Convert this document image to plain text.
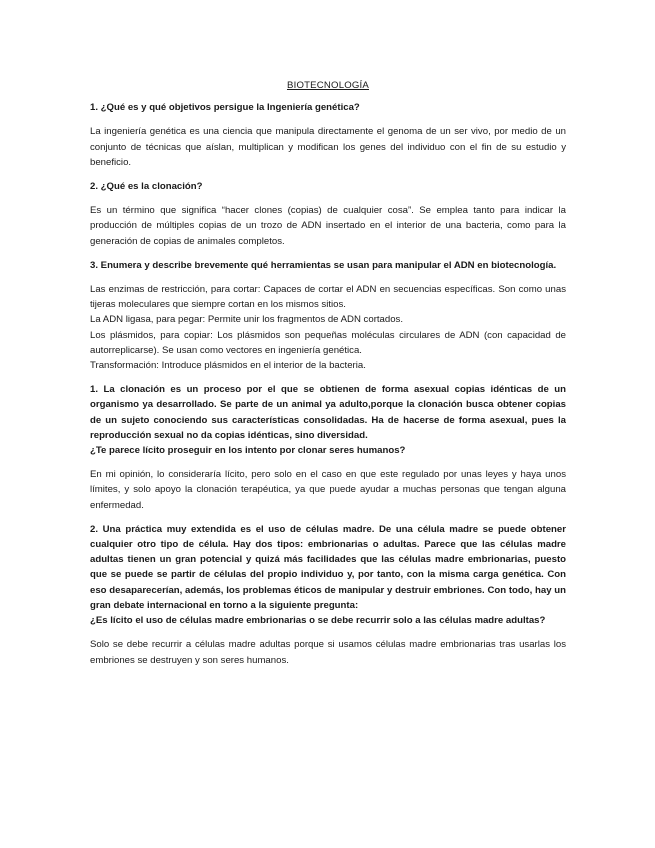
BIOTECNOLOGÍA
1. ¿Qué es y qué objetivos persigue la Ingeniería genética?
La ingeniería genética es una ciencia que manipula directamente el genoma de un ser vivo, por medio de un conjunto de técnicas que aíslan, multiplican y modifican los genes del individuo con el fin de su estudio y beneficio.
2. ¿Qué es la clonación?
Es un término que significa “hacer clones (copias) de cualquier cosa”. Se emplea tanto para indicar la producción de múltiples copias de un trozo de ADN insertado en el interior de una bacteria, como para la generación de copias de animales completos.
3. Enumera y describe brevemente qué herramientas se usan para manipular el ADN en biotecnología.
Las enzimas de restricción, para cortar: Capaces de cortar el ADN en secuencias específicas. Son como unas tijeras moleculares que siempre cortan en los mismos sitios.
La ADN ligasa, para pegar: Permite unir los fragmentos de ADN cortados.
Los plásmidos, para copiar: Los plásmidos son pequeñas moléculas circulares de ADN (con capacidad de autorreplicarse). Se usan como vectores en ingeniería genética.
Transformación: Introduce plásmidos en el interior de la bacteria.
1. La clonación es un proceso por el que se obtienen de forma asexual copias idénticas de un organismo ya desarrollado. Se parte de un animal ya adulto,porque la clonación busca obtener copias de un sujeto conociendo sus características consolidadas. Ha de hacerse de forma asexual, pues la reproducción sexual no da copias idénticas, sino diversidad.
¿Te parece lícito proseguir en los intento por clonar seres humanos?
En mi opinión, lo consideraría lícito, pero solo en el caso en que este regulado por unas leyes y haya unos límites, y solo apoyo la clonación terapéutica, ya que puede ayudar a muchas personas que tengan alguna enfermedad.
2. Una práctica muy extendida es el uso de células madre. De una célula madre se puede obtener cualquier otro tipo de célula. Hay dos tipos: embrionarias o adultas. Parece que las células madre adultas tienen un gran potencial y quizá más facilidades que las células madre embrionarias, puesto que se puede se partir de células del propio individuo y, por tanto, con la misma carga genética. Con eso desaparecerían, además, los problemas éticos de manipular y destruir embriones. Con todo, hay un gran debate internacional en torno a la siguiente pregunta:
¿Es lícito el uso de células madre embrionarias o se debe recurrir solo a las células madre adultas?
Solo se debe recurrir a células madre adultas porque si usamos células madre embrionarias tras usarlas los embriones se destruyen y son seres humanos.
